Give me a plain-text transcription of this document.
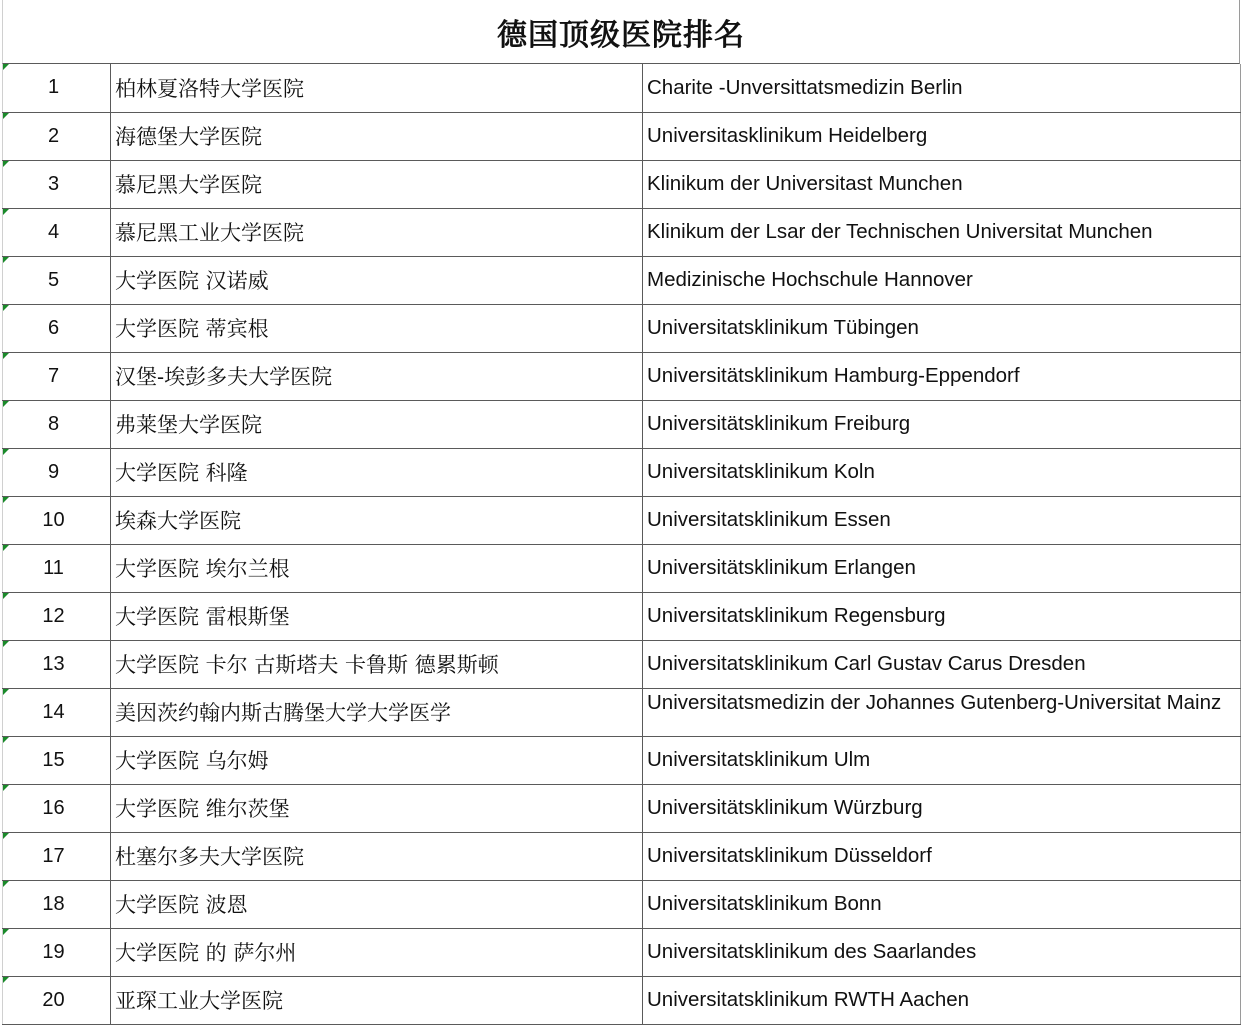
德国顶级医院排名
1	柏林夏洛特大学医院	Charite -Unversittatsmedizin Berlin

2	海德堡大学医院	Universitasklinikum Heidelberg

3	慕尼黑大学医院	Klinikum der Universitast Munchen

4	慕尼黑工业大学医院	Klinikum der Lsar der Technischen Universitat Munchen

5	大学医院 汉诺威	Medizinische Hochschule Hannover

6	大学医院 蒂宾根	Universitatsklinikum Tübingen

7	汉堡-埃彭多夫大学医院	Universitätsklinikum Hamburg-Eppendorf

8	弗莱堡大学医院	Universitätsklinikum Freiburg

9	大学医院 科隆	Universitatsklinikum Koln

10	埃森大学医院	Universitatsklinikum Essen

11	大学医院 埃尔兰根	Universitätsklinikum Erlangen

12	大学医院 雷根斯堡	Universitatsklinikum Regensburg

13	大学医院 卡尔 古斯塔夫 卡鲁斯 德累斯顿	Universitatsklinikum Carl Gustav Carus Dresden

14	美因茨约翰内斯古腾堡大学大学医学	Universitatsmedizin der Johannes Gutenberg-Universitat Mainz

15	大学医院 乌尔姆	Universitatsklinikum Ulm

16	大学医院 维尔茨堡	Universitätsklinikum Würzburg

17	杜塞尔多夫大学医院	Universitatsklinikum Düsseldorf

18	大学医院 波恩	Universitatsklinikum Bonn

19	大学医院 的 萨尔州	Universitatsklinikum des Saarlandes

20	亚琛工业大学医院	Universitatsklinikum RWTH Aachen
